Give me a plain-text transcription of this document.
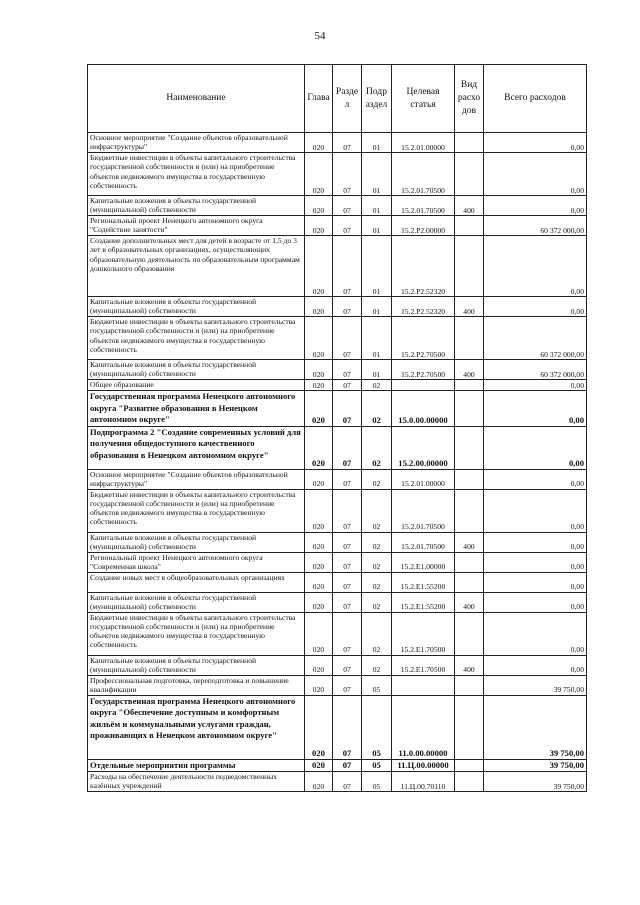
54
Наименование	Глава	Разде л	Подр аздел	Целевая статья	Вид расхо дов	Всего расходов
Основное мероприятие "Создание объектов образовательной инфраструктуры"	020	07	01	15.2.01.00000		0,00
Бюджетные инвестиции в объекты капитального строительства государственной собственности и (или) на приобретение объектов недвижимого имущества в государственную собственность	020	07	01	15.2.01.70500		0,00
Капитальные вложения в объекты государственной (муниципальной) собственности	020	07	01	15.2.01.70500	400	0,00
Региональный проект Ненецкого автономного округа "Содействие занятости"	020	07	01	15.2.P2.00000		60 372 000,00
Создание дополнительных мест для детей в возрасте от 1,5 до 3 лет в образовательных организациях, осуществляющих образовательную деятельность по образовательным программам дошкольного образования	020	07	01	15.2.P2.52320		0,00
Капитальные вложения в объекты государственной (муниципальной) собственности	020	07	01	15.2.P2.52320	400	0,00
Бюджетные инвестиции в объекты капитального строительства государственной собственности и (или) на приобретение объектов недвижимого имущества в государственную собственность	020	07	01	15.2.P2.70500		60 372 000,00
Капитальные вложения в объекты государственной (муниципальной) собственности	020	07	01	15.2.P2.70500	400	60 372 000,00
Общее образование	020	07	02			0,00
Государственная программа Ненецкого автономного округа "Развитие образования в Ненецком автономном округе"	020	07	02	15.0.00.00000		0,00
Подпрограмма 2 "Создание современных условий для получения общедоступного качественного образования в Ненецком автономном округе"	020	07	02	15.2.00.00000		0,00
Основное мероприятие "Создание объектов образовательной инфраструктуры"	020	07	02	15.2.01.00000		0,00
Бюджетные инвестиции в объекты капитального строительства государственной собственности и (или) на приобретение объектов недвижимого имущества в государственную собственность	020	07	02	15.2.01.70500		0,00
Капитальные вложения в объекты государственной (муниципальной) собственности	020	07	02	15.2.01.70500	400	0,00
Региональный проект Ненецкого автономного округа "Современная школа"	020	07	02	15.2.E1.00000		0,00
Создание новых мест в общеобразовательных организациях	020	07	02	15.2.E1.55200		0,00
Капитальные вложения в объекты государственной (муниципальной) собственности	020	07	02	15.2.E1.55200	400	0,00
Бюджетные инвестиции в объекты капитального строительства государственной собственности и (или) на приобретение объектов недвижимого имущества в государственную собственность	020	07	02	15.2.E1.70500		0,00
Капитальные вложения в объекты государственной (муниципальной) собственности	020	07	02	15.2.E1.70500	400	0,00
Профессиональная подготовка, переподготовка и повышение квалификации	020	07	05			39 750,00
Государственная программа Ненецкого автономного округа "Обеспечение доступным и комфортным жильём и коммунальными услугами граждан, проживающих в Ненецком автономном округе"	020	07	05	11.0.00.00000		39 750,00
Отдельные мероприятия программы	020	07	05	11.Ц.00.00000		39 750,00
Расходы на обеспечение деятельности подведомственных казённых учреждений	020	07	05	11.Ц.00.70110		39 750,00
